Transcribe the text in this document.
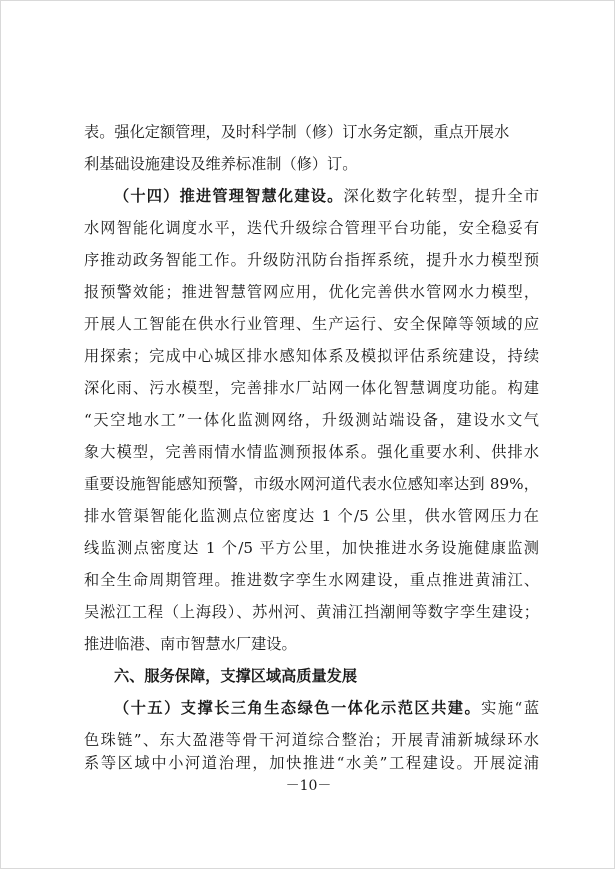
表。强化定额管理，及时科学制（修）订水务定额，重点开展水
利基础设施建设及维养标准制（修）订。
（十四）推进管理智慧化建设。深化数字化转型，提升全市
水网智能化调度水平，迭代升级综合管理平台功能，安全稳妥有
序推动政务智能工作。升级防汛防台指挥系统，提升水力模型预
报预警效能；推进智慧管网应用，优化完善供水管网水力模型，
开展人工智能在供水行业管理、生产运行、安全保障等领域的应
用探索；完成中心城区排水感知体系及模拟评估系统建设，持续
深化雨、污水模型，完善排水厂站网一体化智慧调度功能。构建
“天空地水工”一体化监测网络，升级测站端设备，建设水文气
象大模型，完善雨情水情监测预报体系。强化重要水利、供排水
重要设施智能感知预警，市级水网河道代表水位感知率达到 89%，
排水管渠智能化监测点位密度达 1 个/5 公里，供水管网压力在
线监测点密度达 1 个/5 平方公里，加快推进水务设施健康监测
和全生命周期管理。推进数字孪生水网建设，重点推进黄浦江、
吴淞江工程（上海段）、苏州河、黄浦江挡潮闸等数字孪生建设；
推进临港、南市智慧水厂建设。
六、服务保障，支撑区域高质量发展
（十五）支撑长三角生态绿色一体化示范区共建。实施“蓝
色珠链”、东大盈港等骨干河道综合整治；开展青浦新城绿环水
系等区域中小河道治理，加快推进“水美”工程建设。开展淀浦
－10－
